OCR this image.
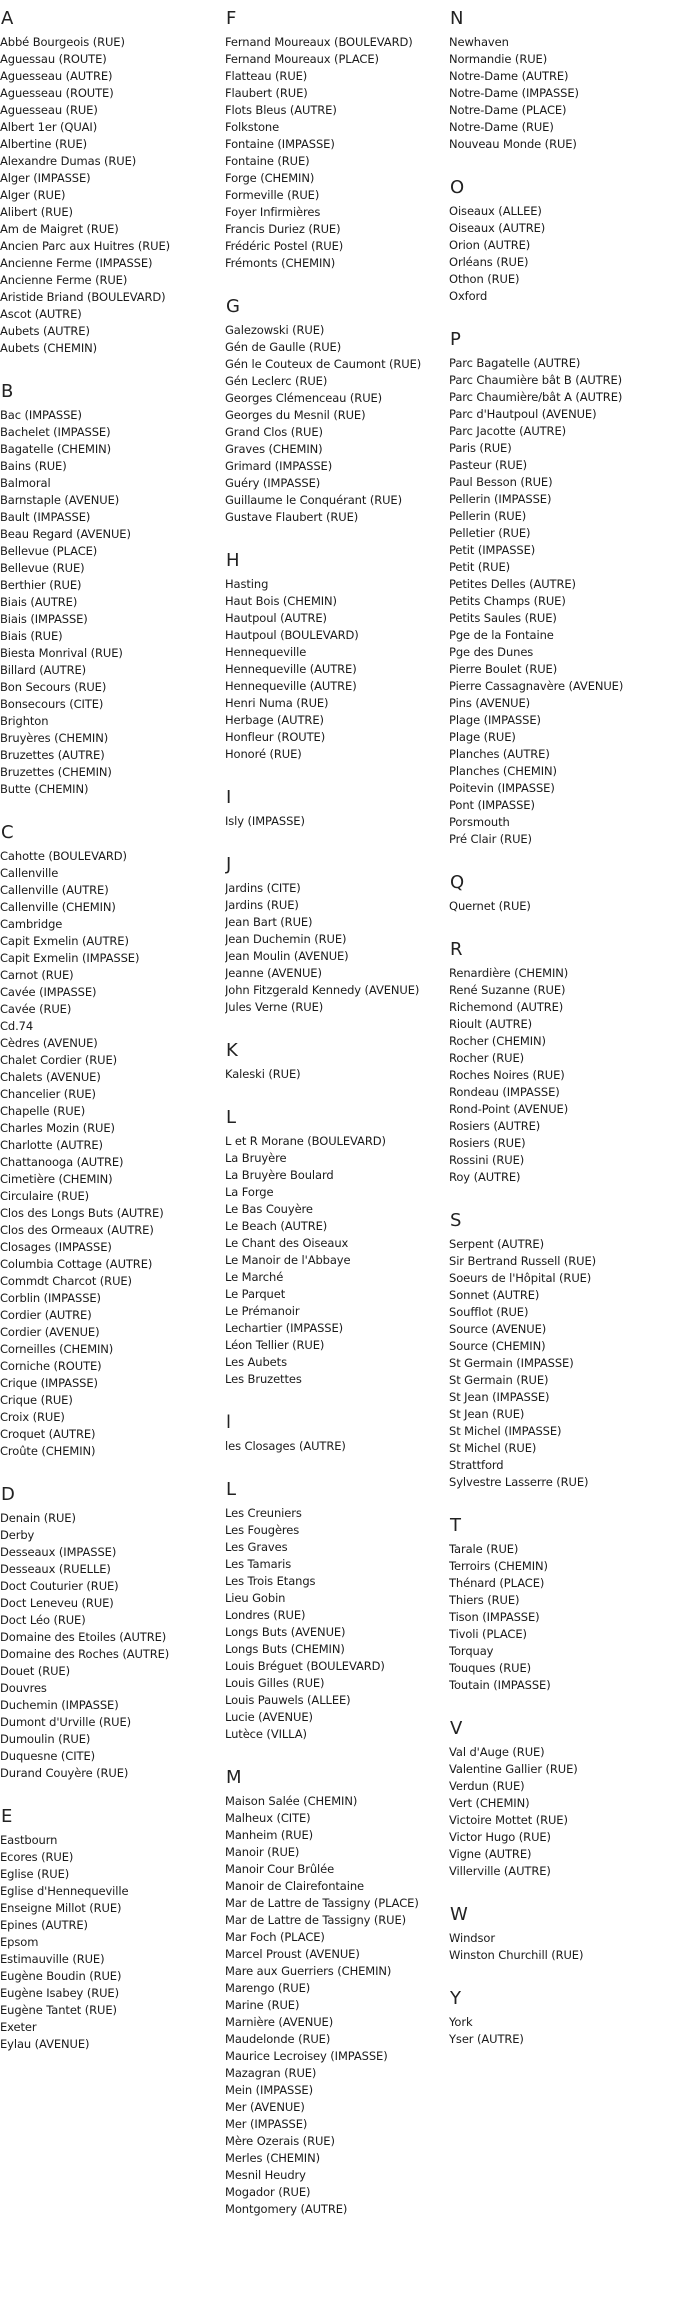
A
Abbé Bourgeois (RUE)
Aguessau (ROUTE)
Aguesseau (AUTRE)
Aguesseau (ROUTE)
Aguesseau (RUE)
Albert 1er (QUAI)
Albertine (RUE)
Alexandre Dumas (RUE)
Alger (IMPASSE)
Alger (RUE)
Alibert (RUE)
Am de Maigret (RUE)
Ancien Parc aux Huitres (RUE)
Ancienne Ferme (IMPASSE)
Ancienne Ferme (RUE)
Aristide Briand (BOULEVARD)
Ascot (AUTRE)
Aubets (AUTRE)
Aubets (CHEMIN)
B
Bac (IMPASSE)
Bachelet (IMPASSE)
Bagatelle (CHEMIN)
Bains (RUE)
Balmoral
Barnstaple (AVENUE)
Bault (IMPASSE)
Beau Regard (AVENUE)
Bellevue (PLACE)
Bellevue (RUE)
Berthier (RUE)
Biais (AUTRE)
Biais (IMPASSE)
Biais (RUE)
Biesta Monrival (RUE)
Billard (AUTRE)
Bon Secours (RUE)
Bonsecours (CITE)
Brighton
Bruyères (CHEMIN)
Bruzettes (AUTRE)
Bruzettes (CHEMIN)
Butte (CHEMIN)
C
Cahotte (BOULEVARD)
Callenville
Callenville (AUTRE)
Callenville (CHEMIN)
Cambridge
Capit Exmelin (AUTRE)
Capit Exmelin (IMPASSE)
Carnot (RUE)
Cavée (IMPASSE)
Cavée (RUE)
Cd.74
Cèdres (AVENUE)
Chalet Cordier (RUE)
Chalets (AVENUE)
Chancelier (RUE)
Chapelle (RUE)
Charles Mozin (RUE)
Charlotte (AUTRE)
Chattanooga (AUTRE)
Cimetière (CHEMIN)
Circulaire (RUE)
Clos des Longs Buts (AUTRE)
Clos des Ormeaux (AUTRE)
Closages (IMPASSE)
Columbia Cottage (AUTRE)
Commdt Charcot (RUE)
Corblin (IMPASSE)
Cordier (AUTRE)
Cordier (AVENUE)
Corneilles (CHEMIN)
Corniche (ROUTE)
Crique (IMPASSE)
Crique (RUE)
Croix (RUE)
Croquet (AUTRE)
Croûte (CHEMIN)
D
Denain (RUE)
Derby
Desseaux (IMPASSE)
Desseaux (RUELLE)
Doct Couturier (RUE)
Doct Leneveu (RUE)
Doct Léo (RUE)
Domaine des Etoiles (AUTRE)
Domaine des Roches (AUTRE)
Douet (RUE)
Douvres
Duchemin (IMPASSE)
Dumont d'Urville (RUE)
Dumoulin (RUE)
Duquesne (CITE)
Durand Couyère (RUE)
E
Eastbourn
Ecores (RUE)
Eglise (RUE)
Eglise d'Hennequeville
Enseigne Millot (RUE)
Epines (AUTRE)
Epsom
Estimauville (RUE)
Eugène Boudin (RUE)
Eugène Isabey (RUE)
Eugène Tantet (RUE)
Exeter
Eylau (AVENUE)
F
Fernand Moureaux (BOULEVARD)
Fernand Moureaux (PLACE)
Flatteau (RUE)
Flaubert (RUE)
Flots Bleus (AUTRE)
Folkstone
Fontaine (IMPASSE)
Fontaine (RUE)
Forge (CHEMIN)
Formeville (RUE)
Foyer Infirmières
Francis Duriez (RUE)
Frédéric Postel (RUE)
Frémonts (CHEMIN)
G
Galezowski (RUE)
Gén de Gaulle (RUE)
Gén le Couteux de Caumont (RUE)
Gén Leclerc (RUE)
Georges Clémenceau (RUE)
Georges du Mesnil (RUE)
Grand Clos (RUE)
Graves (CHEMIN)
Grimard (IMPASSE)
Guéry (IMPASSE)
Guillaume le Conquérant (RUE)
Gustave Flaubert (RUE)
H
Hasting
Haut Bois (CHEMIN)
Hautpoul (AUTRE)
Hautpoul (BOULEVARD)
Hennequeville
Hennequeville (AUTRE)
Hennequeville (AUTRE)
Henri Numa (RUE)
Herbage (AUTRE)
Honfleur (ROUTE)
Honoré (RUE)
I
Isly (IMPASSE)
J
Jardins (CITE)
Jardins (RUE)
Jean Bart (RUE)
Jean Duchemin (RUE)
Jean Moulin (AVENUE)
Jeanne (AVENUE)
John Fitzgerald Kennedy (AVENUE)
Jules Verne (RUE)
K
Kaleski (RUE)
L
L et R Morane (BOULEVARD)
La Bruyère
La Bruyère Boulard
La Forge
Le Bas Couyère
Le Beach (AUTRE)
Le Chant des Oiseaux
Le Manoir de l'Abbaye
Le Marché
Le Parquet
Le Prémanoir
Lechartier (IMPASSE)
Léon Tellier (RUE)
Les Aubets
Les Bruzettes
l
les Closages (AUTRE)
L
Les Creuniers
Les Fougères
Les Graves
Les Tamaris
Les Trois Etangs
Lieu Gobin
Londres (RUE)
Longs Buts (AVENUE)
Longs Buts (CHEMIN)
Louis Bréguet (BOULEVARD)
Louis Gilles (RUE)
Louis Pauwels (ALLEE)
Lucie (AVENUE)
Lutèce (VILLA)
M
Maison Salée (CHEMIN)
Malheux (CITE)
Manheim (RUE)
Manoir (RUE)
Manoir Cour Brûlée
Manoir de Clairefontaine
Mar de Lattre de Tassigny (PLACE)
Mar de Lattre de Tassigny (RUE)
Mar Foch (PLACE)
Marcel Proust (AVENUE)
Mare aux Guerriers (CHEMIN)
Marengo (RUE)
Marine (RUE)
Marnière (AVENUE)
Maudelonde (RUE)
Maurice Lecroisey (IMPASSE)
Mazagran (RUE)
Mein (IMPASSE)
Mer (AVENUE)
Mer (IMPASSE)
Mère Ozerais (RUE)
Merles (CHEMIN)
Mesnil Heudry
Mogador (RUE)
Montgomery (AUTRE)
N
Newhaven
Normandie (RUE)
Notre-Dame (AUTRE)
Notre-Dame (IMPASSE)
Notre-Dame (PLACE)
Notre-Dame (RUE)
Nouveau Monde (RUE)
O
Oiseaux (ALLEE)
Oiseaux (AUTRE)
Orion (AUTRE)
Orléans (RUE)
Othon (RUE)
Oxford
P
Parc Bagatelle (AUTRE)
Parc Chaumière bât B (AUTRE)
Parc Chaumière/bât A (AUTRE)
Parc d'Hautpoul (AVENUE)
Parc Jacotte (AUTRE)
Paris (RUE)
Pasteur (RUE)
Paul Besson (RUE)
Pellerin (IMPASSE)
Pellerin (RUE)
Pelletier (RUE)
Petit (IMPASSE)
Petit (RUE)
Petites Delles (AUTRE)
Petits Champs (RUE)
Petits Saules (RUE)
Pge de la Fontaine
Pge des Dunes
Pierre Boulet (RUE)
Pierre Cassagnavère (AVENUE)
Pins (AVENUE)
Plage (IMPASSE)
Plage (RUE)
Planches (AUTRE)
Planches (CHEMIN)
Poitevin (IMPASSE)
Pont (IMPASSE)
Porsmouth
Pré Clair (RUE)
Q
Quernet (RUE)
R
Renardière (CHEMIN)
René Suzanne (RUE)
Richemond (AUTRE)
Rioult (AUTRE)
Rocher (CHEMIN)
Rocher (RUE)
Roches Noires (RUE)
Rondeau (IMPASSE)
Rond-Point (AVENUE)
Rosiers (AUTRE)
Rosiers (RUE)
Rossini (RUE)
Roy (AUTRE)
S
Serpent (AUTRE)
Sir Bertrand Russell (RUE)
Soeurs de l'Hôpital (RUE)
Sonnet (AUTRE)
Soufflot (RUE)
Source (AVENUE)
Source (CHEMIN)
St Germain (IMPASSE)
St Germain (RUE)
St Jean (IMPASSE)
St Jean (RUE)
St Michel (IMPASSE)
St Michel (RUE)
Strattford
Sylvestre Lasserre (RUE)
T
Tarale (RUE)
Terroirs (CHEMIN)
Thénard (PLACE)
Thiers (RUE)
Tison (IMPASSE)
Tivoli (PLACE)
Torquay
Touques (RUE)
Toutain (IMPASSE)
V
Val d'Auge (RUE)
Valentine Gallier (RUE)
Verdun (RUE)
Vert (CHEMIN)
Victoire Mottet (RUE)
Victor Hugo (RUE)
Vigne (AUTRE)
Villerville (AUTRE)
W
Windsor
Winston Churchill (RUE)
Y
York
Yser (AUTRE)
